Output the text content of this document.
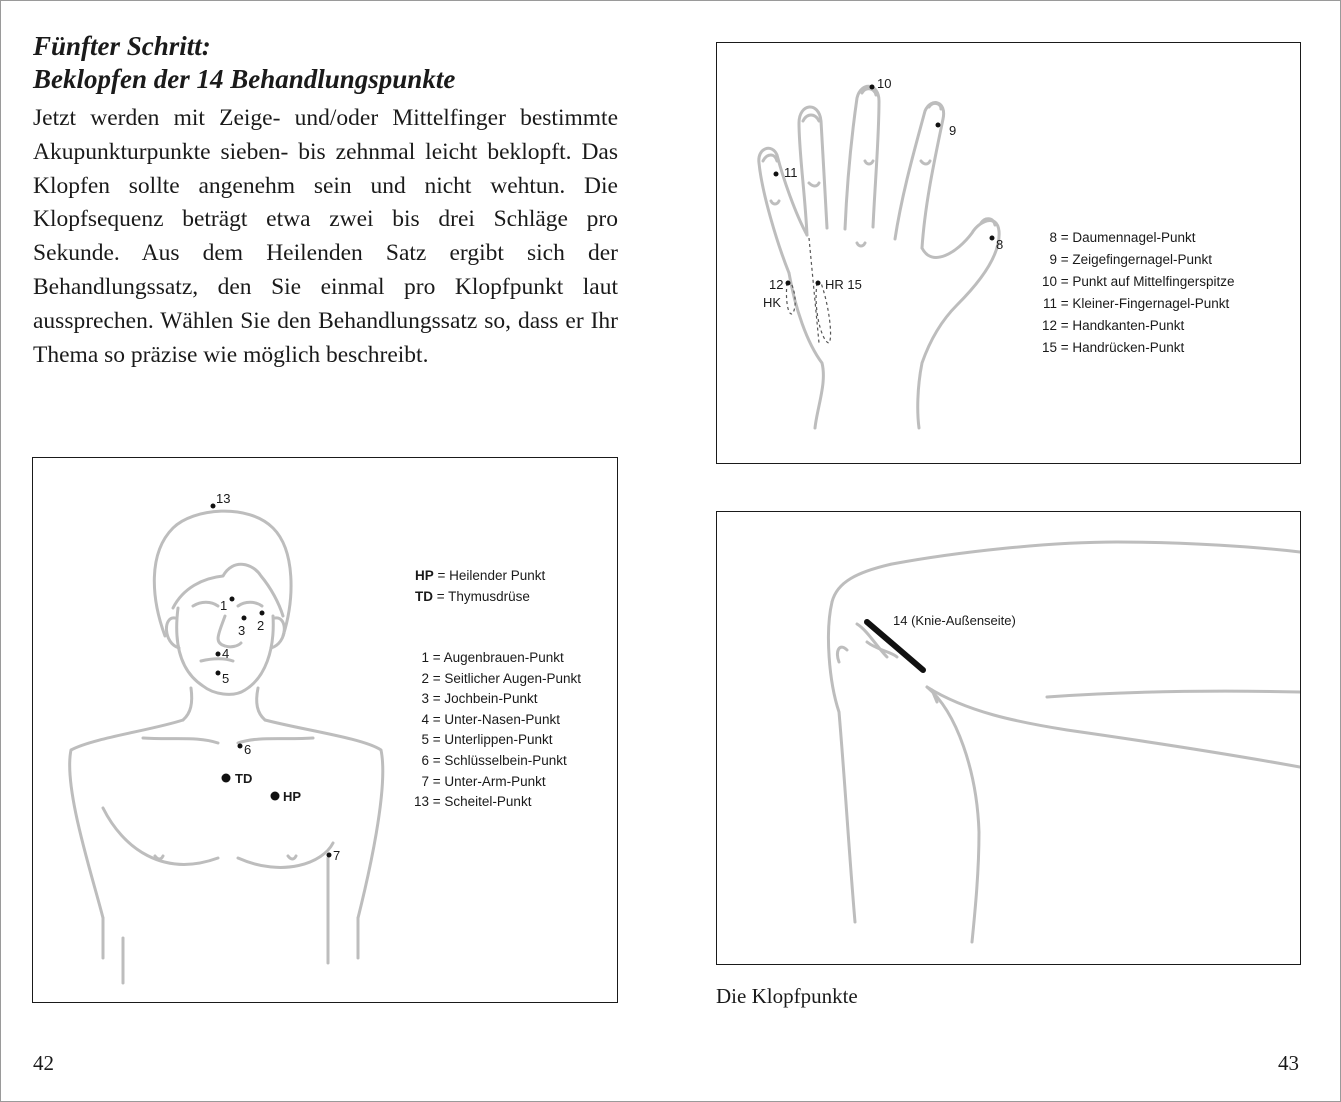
Fünfter Schritt:
Beklopfen der 14 Behandlungspunkte
Jetzt werden mit Zeige- und/oder Mittelfinger bestimmte Akupunkturpunkte sieben- bis zehnmal leicht beklopft. Das Klopfen sollte angenehm sein und nicht wehtun. Die Klopfsequenz beträgt etwa zwei bis drei Schläge pro Sekunde. Aus dem Heilenden Satz ergibt sich der Behandlungssatz, den Sie einmal pro Klopfpunkt laut aussprechen. Wählen Sie den Behandlungssatz so, dass er Ihr Thema so präzise wie möglich beschreibt.
13
1
2
3
4
5
6
TD
HP
7
HP = Heilender Punkt
TD = Thymusdrüse
1 = Augenbrauen-Punkt
2 = Seitlicher Augen-Punkt
3 = Jochbein-Punkt
4 = Unter-Nasen-Punkt
5 = Unterlippen-Punkt
6 = Schlüsselbein-Punkt
7 = Unter-Arm-Punkt
13 = Scheitel-Punkt
10
9
11
8
12
HK
HR 15
8 = Daumennagel-Punkt
9 = Zeigefingernagel-Punkt
10 = Punkt auf Mittelfingerspitze
11 = Kleiner-Fingernagel-Punkt
12 = Handkanten-Punkt
15 = Handrücken-Punkt
14 (Knie-Außenseite)
Die Klopfpunkte
42	43
